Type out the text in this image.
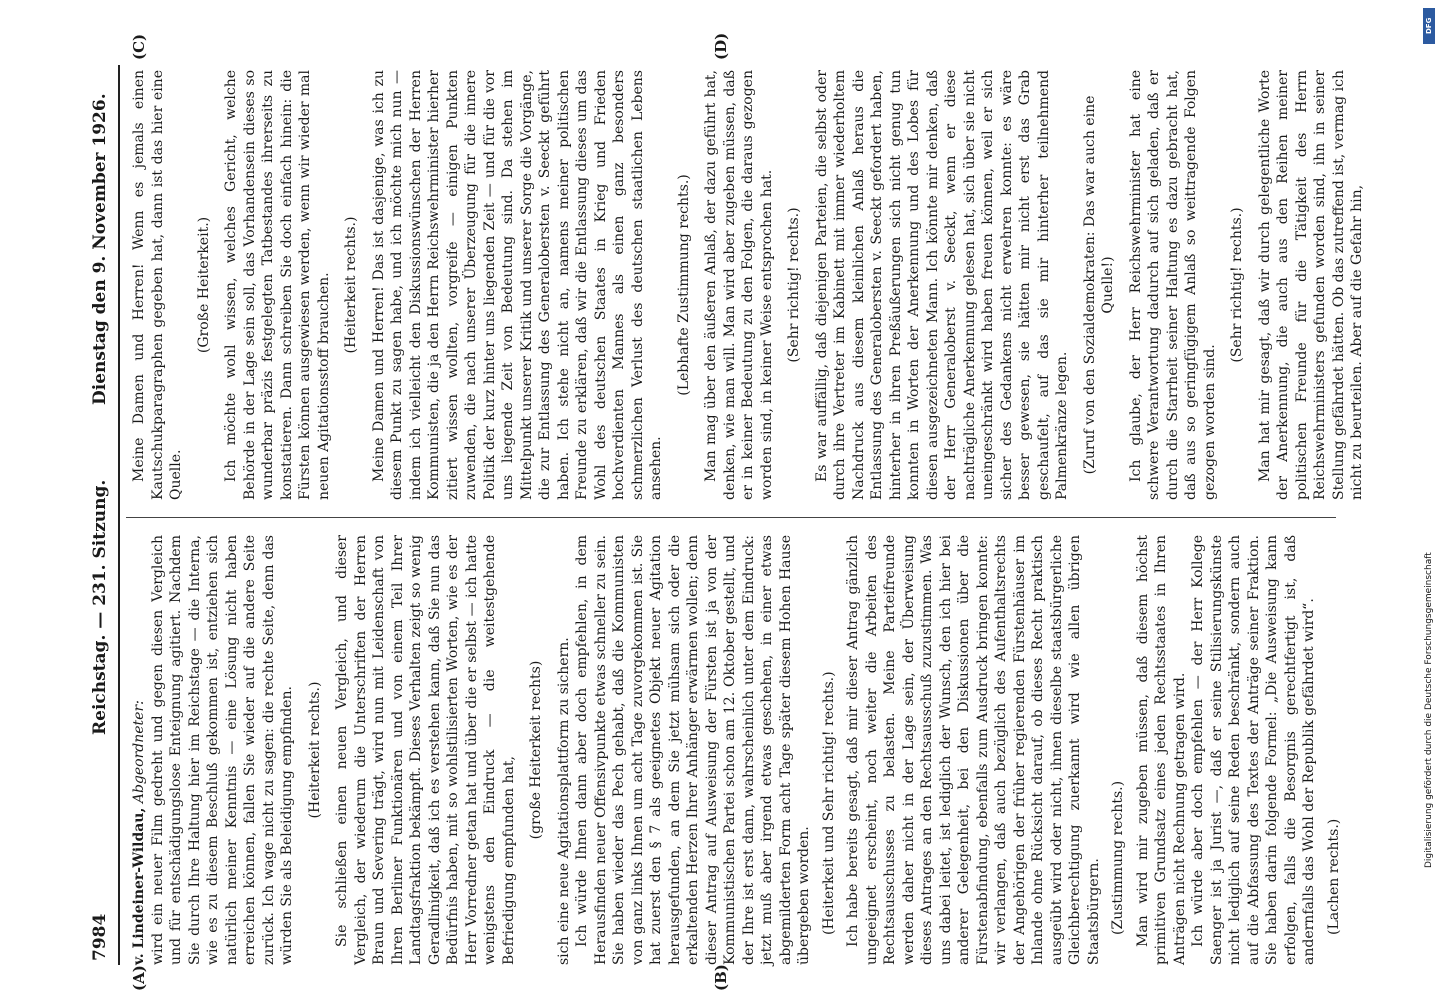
7984
Reichstag. — 231. Sitzung.
Dienstag den 9. November 1926.
(A)	(B)
(C)	(D)

v. Lindeiner-Wildau, Abgeordneter: wird ein neuer Film gedreht und gegen diesen Vergleich und für entschädigungslose Enteignung agitiert. Nachdem Sie durch Ihre Haltung hier im Reichstage — die Interna, wie es zu diesem Beschluß gekommen ist, entziehen sich natürlich meiner Kenntnis — eine Lösung nicht haben erreichen können, fallen Sie wieder auf die andere Seite zurück. Ich wage nicht zu sagen: die rechte Seite, denn das würden Sie als Beleidigung empfinden. (Heiterkeit rechts.) Sie schließen einen neuen Vergleich, und dieser Vergleich, der wiederum die Unterschriften der Herren Braun und Severing trägt, wird nun mit Leidenschaft von Ihren Berliner Funktionären und von einem Teil Ihrer Landtagsfraktion bekämpft. Dieses Verhalten zeigt so wenig Geradlinigkeit, daß ich es verstehen kann, daß Sie nun das Bedürfnis haben, mit so wohlstilisierten Worten, wie es der Herr Vorredner getan hat und über die er selbst — ich hatte wenigstens den Eindruck — die weitestgehende Befriedigung empfunden hat,

(große Heiterkeit rechts) sich eine neue Agitationsplattform zu sichern. Ich würde Ihnen dann aber doch empfehlen, in dem Herausfinden neuer Offensivpunkte etwas schneller zu sein. Sie haben wieder das Pech gehabt, daß die Kommunisten von ganz links Ihnen um acht Tage zuvorgekommen ist. Sie hat zuerst den § 7 als geeignetes Objekt neuer Agitation herausgefunden, an dem Sie jetzt mühsam sich oder die erkaltenden Herzen Ihrer Anhänger erwärmen wollen; denn dieser Antrag auf Ausweisung der Fürsten ist ja von der Kommunistischen Partei schon am 12. Oktober gestellt, und der Ihre ist erst dann, wahrscheinlich unter dem Eindruck: jetzt muß aber irgend etwas geschehen, in einer etwas abgemilderten Form acht Tage später diesem Hohen Hause übergeben worden. (Heiterkeit und Sehr richtig! rechts.) Ich habe bereits gesagt, daß mir dieser Antrag gänzlich ungeeignet erscheint, noch weiter die Arbeiten des Rechtsausschusses zu belasten. Meine Parteifreunde werden daher nicht in der Lage sein, der Überweisung dieses Antrages an den Rechtsausschuß zuzustimmen. Was uns dabei leitet, ist lediglich der Wunsch, den ich hier bei anderer Gelegenheit, bei den Diskussionen über die Fürstenabfindung, ebenfalls zum Ausdruck bringen konnte: wir verlangen, daß auch bezüglich des Aufenthaltsrechts der Angehörigen der früher regierenden Fürstenhäuser im Inlande ohne Rücksicht darauf, ob dieses Recht praktisch ausgeübt wird oder nicht, ihnen dieselbe staatsbürgerliche Gleichberechtigung zuerkannt wird wie allen übrigen Staatsbürgern. (Zustimmung rechts.) Man wird mir zugeben müssen, daß diesem höchst primitiven Grundsatz eines jeden Rechtsstaates in Ihren Anträgen nicht Rechnung getragen wird. Ich würde aber doch empfehlen — der Herr Kollege Saenger ist ja Jurist —, daß er seine Stilisierungskünste nicht lediglich auf seine Reden beschränkt, sondern auch auf die Abfassung des Textes der Anträge seiner Fraktion. Sie haben darin folgende Formel: „Die Ausweisung kann erfolgen, falls die Besorgnis gerechtfertigt ist, daß andernfalls das Wohl der Republik gefährdet wird“. (Lachen rechts.)

Meine Damen und Herren! Wenn es jemals einen Kautschukparagraphen gegeben hat, dann ist das hier eine Quelle.

(Große Heiterkeit.) Ich möchte wohl wissen, welches Gericht, welche Behörde in der Lage sein soll, das Vorhandensein dieses so wunderbar präzis festgelegten Tatbestandes ihrerseits zu konstatieren. Dann schreiben Sie doch einfach hinein: die Fürsten können ausgewiesen werden, wenn wir wieder mal neuen Agitationsstoff brauchen. (Heiterkeit rechts.) Meine Damen und Herren! Das ist dasjenige, was ich zu diesem Punkt zu sagen habe, und ich möchte mich nun — indem ich vielleicht den Diskussionswünschen der Herren Kommunisten, die ja den Herrn Reichswehrminister hierher zitiert wissen wollten, vorgreife — einigen Punkten zuwenden, die nach unserer Überzeugung für die innere Politik der kurz hinter uns liegenden Zeit — und für die vor uns liegende Zeit von Bedeutung sind. Da stehen im Mittelpunkt unserer Kritik und unserer Sorge die Vorgänge, die zur Entlassung des Generalobersten v. Seeckt geführt haben. Ich stehe nicht an, namens meiner politischen Freunde zu erklären, daß wir die Entlassung dieses um das Wohl des deutschen Staates in Krieg und Frieden hochverdienten Mannes als einen ganz besonders schmerzlichen Verlust des deutschen staatlichen Lebens ansehen.

(Lebhafte Zustimmung rechts.) Man mag über den äußeren Anlaß, der dazu geführt hat, denken, wie man will. Man wird aber zugeben müssen, daß er in keiner Bedeutung zu den Folgen, die daraus gezogen worden sind, in keiner Weise entsprochen hat. (Sehr richtig! rechts.) Es war auffällig, daß diejenigen Parteien, die selbst oder durch ihre Vertreter im Kabinett mit immer wiederholtem Nachdruck aus diesem kleinlichen Anlaß heraus die Entlassung des Generalobersten v. Seeckt gefordert haben, hinterher in ihren Preßäußerungen sich nicht genug tun konnten in Worten der Anerkennung und des Lobes für diesen ausgezeichneten Mann. Ich könnte mir denken, daß der Herr Generaloberst v. Seeckt, wenn er diese nachträgliche Anerkennung gelesen hat, sich über sie nicht uneingeschränkt wird haben freuen können, weil er sich sicher des Gedankens nicht erwehren konnte: es wäre besser gewesen, sie hätten mir nicht erst das Grab geschaufelt, auf das sie mir hinterher teilnehmend Palmenkränze legen. (Zuruf von den Sozialdemokraten: Das war auch eine Quelle!) Ich glaube, der Herr Reichswehrminister hat eine schwere Verantwortung dadurch auf sich geladen, daß er durch die Starrheit seiner Haltung es dazu gebracht hat, daß aus so geringfügigem Anlaß so weittragende Folgen gezogen worden sind.

(Sehr richtig! rechts.) Man hat mir gesagt, daß wir durch gelegentliche Worte der Anerkennung, die auch aus den Reihen meiner politischen Freunde für die Tätigkeit des Herrn Reichswehrministers gefunden worden sind, ihn in seiner Stellung gefährdet hätten. Ob das zutreffend ist, vermag ich nicht zu beurteilen. Aber auf die Gefahr hin,

DFG
Digitalisierung gefördert durch die Deutsche Forschungsgemeinschaft
